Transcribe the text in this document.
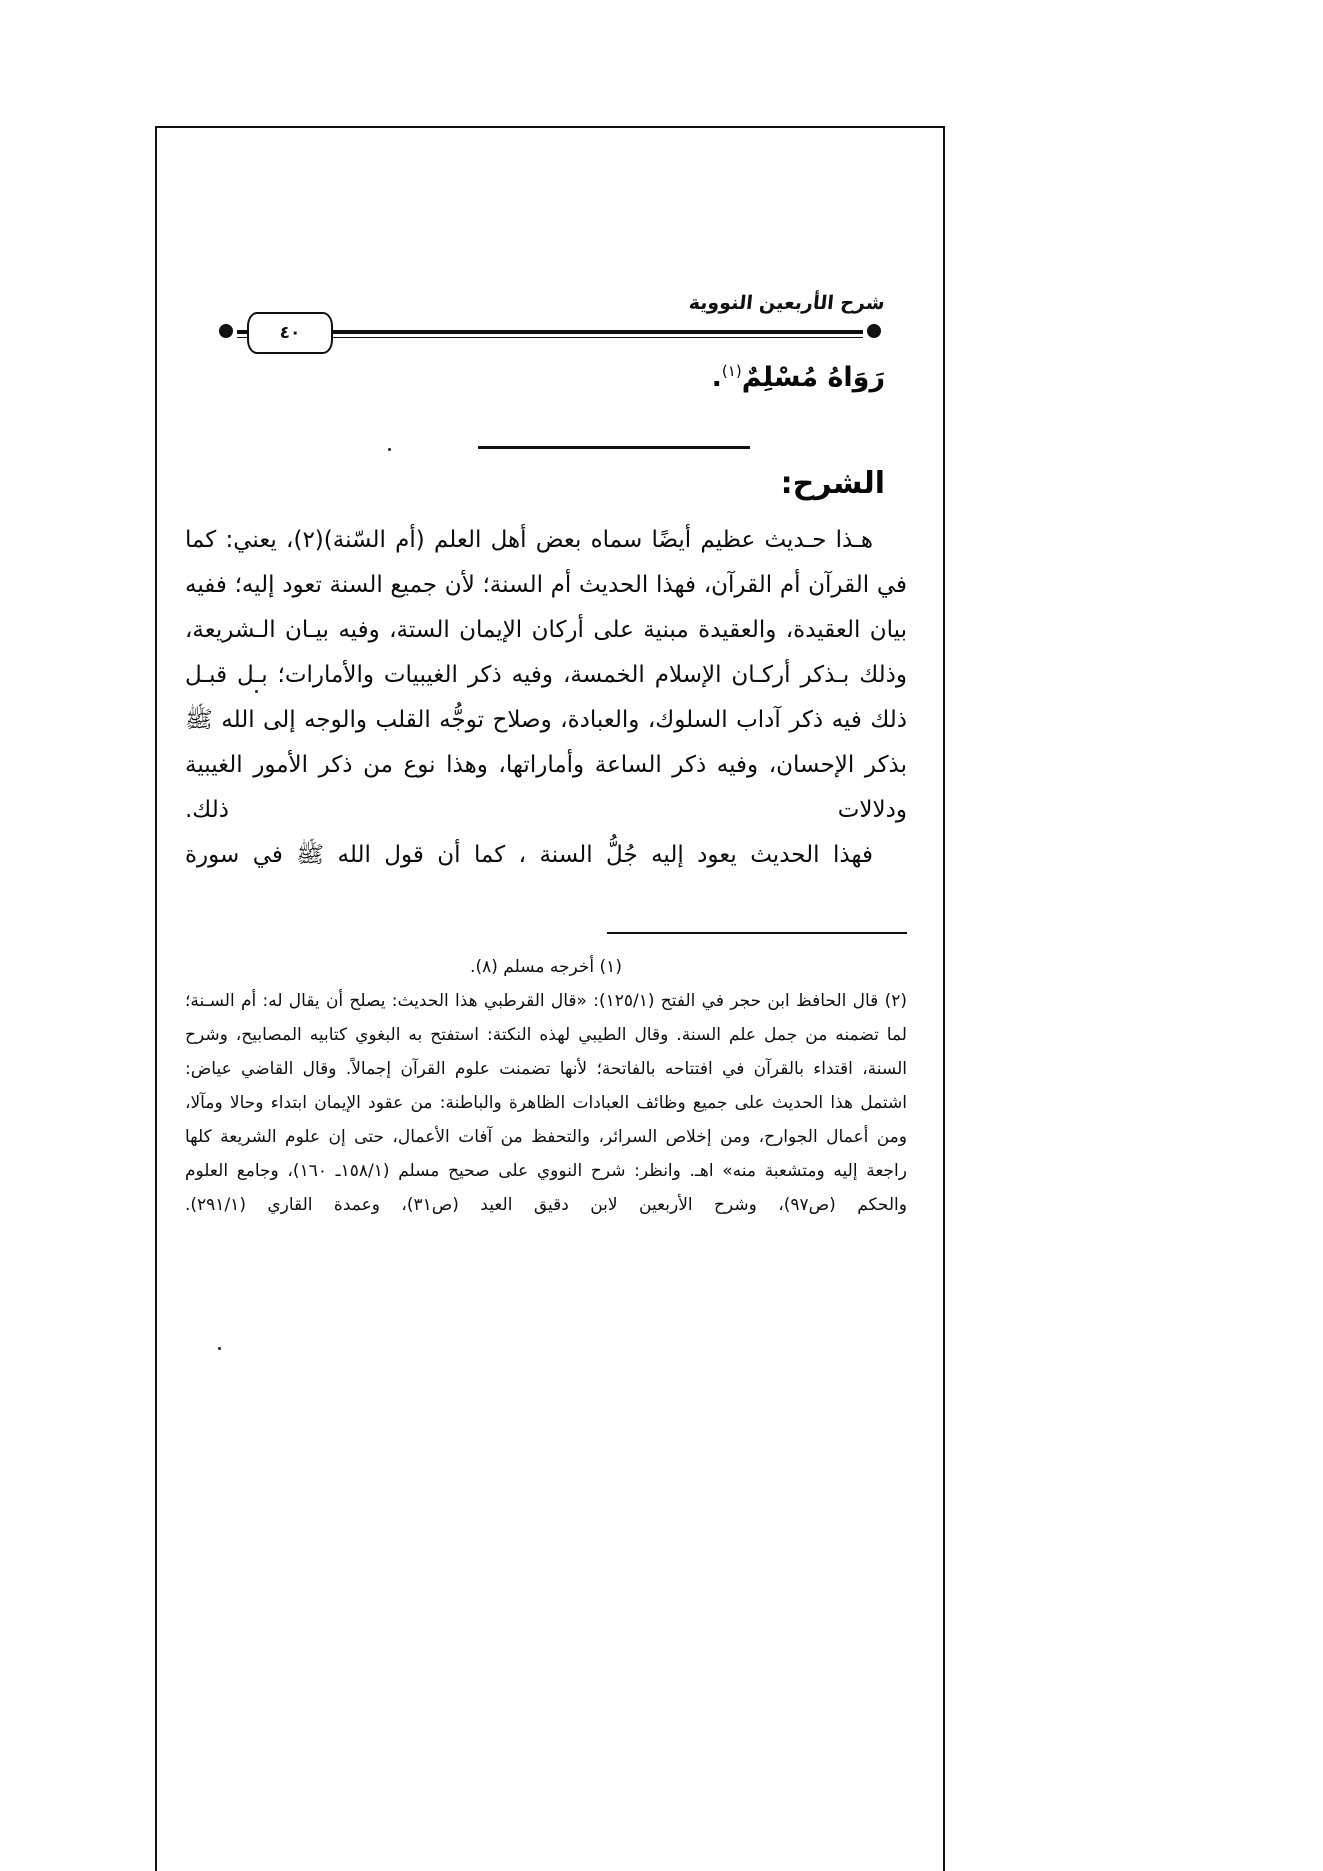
شرح الأربعين النووية
٤٠
رَوَاهُ مُسْلِمٌ$^{(١)}$.
الشرح:

هـذا حـديث عظيم أيضًا سماه بعض أهل العلم (أم السّنة)(٢)، يعني: كما في القرآن أم القرآن، فهذا الحديث أم السنة؛ لأن جميع السنة تعود إليه؛ ففيه بيان العقيدة، والعقيدة مبنية على أركان الإيمان الستة، وفيه بيـان الـشريعة، وذلك بـذكر أركـان الإسلام الخمسة، وفيه ذكر الغيبيات والأمارات؛ بـل قبـل ذلك فيه ذكر آداب السلوك، والعبادة، وصلاح توجُّه القلب والوجه إلى الله ﷺ بذكر الإحسان، وفيه ذكر الساعة وأماراتها، وهذا نوع من ذكر الأمور الغيبية ودلالات ذلك.

فهذا الحديث يعود إليه جُلُّ السنة ، كما أن قول الله ﷺ في سورة

(١) أخرجه مسلم (٨).

(٢) قال الحافظ ابن حجر في الفتح (١٢٥/١): «قال القرطبي هذا الحديث: يصلح أن يقال له: أم السـنة؛ لما تضمنه من جمل علم السنة. وقال الطيبي لهذه النكتة: استفتح به البغوي كتابيه المصابيح، وشرح السنة، اقتداء بالقرآن في افتتاحه بالفاتحة؛ لأنها تضمنت علوم القرآن إجمالاً. وقال القاضي عياض: اشتمل هذا الحديث على جميع وظائف العبادات الظاهرة والباطنة: من عقود الإيمان ابتداء وحالا ومآلا، ومن أعمال الجوارح، ومن إخلاص السرائر، والتحفظ من آفات الأعمال، حتى إن علوم الشريعة كلها راجعة إليه ومتشعبة منه» اهـ. وانظر: شرح النووي على صحيح مسلم (١٥٨/١ـ ١٦٠)، وجامع العلوم والحكم (ص٩٧)، وشرح الأربعين لابن دقيق العيد (ص٣١)، وعمدة القاري (٢٩١/١).
